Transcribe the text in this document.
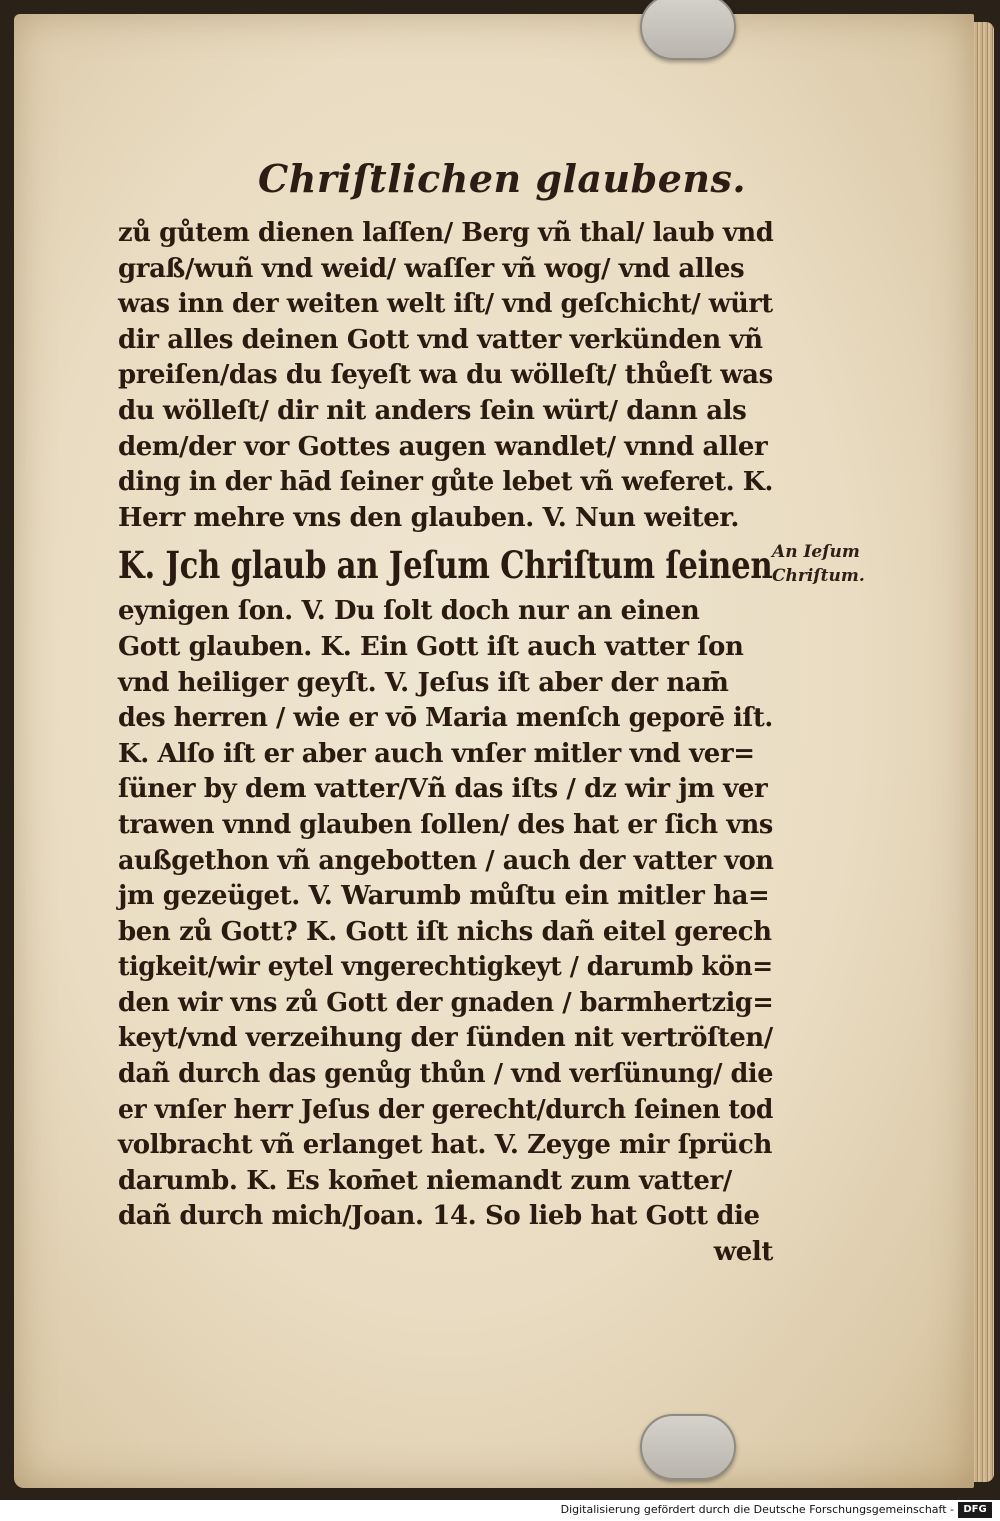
Chriſtlichen glaubens.
zů gůtem dienen laſſen/ Berg vñ thal/ laub vnd
graß/wuñ vnd weid/ waſſer vñ wog/ vnd alles
was inn der weiten welt iſt/ vnd geſchicht/ würt
dir alles deinen Gott vnd vatter verkünden vñ
preiſen/das du ſeyeſt wa du wölleſt/ thůeſt was
du wölleſt/ dir nit anders ſein würt/ dann als
dem/der vor Gottes augen wandlet/ vnnd aller
ding in der hād ſeiner gůte lebet vñ weferet. K.
Herr mehre vns den glauben. V. Nun weiter.
K. Jch glaub an Jeſum Chriſtum ſeinen
eynigen ſon. V. Du ſolt doch nur an einen
Gott glauben. K. Ein Gott iſt auch vatter ſon
vnd heiliger geyſt. V. Jeſus iſt aber der nam̄
des herren / wie er vō Maria menſch geporē iſt.
K. Alſo iſt er aber auch vnſer mitler vnd ver=
ſüner by dem vatter/Vñ das iſts / dz wir jm ver
trawen vnnd glauben ſollen/ des hat er ſich vns
außgethon vñ angebotten / auch der vatter von
jm gezeüget. V. Warumb můſtu ein mitler ha=
ben zů Gott? K. Gott iſt nichs dañ eitel gerech
tigkeit/wir eytel vngerechtigkeyt / darumb kön=
den wir vns zů Gott der gnaden / barmhertzig=
keyt/vnd verzeihung der ſünden nit vertröſten/
dañ durch das genůg thůn / vnd verſünung/ die
er vnſer herr Jeſus der gerecht/durch ſeinen tod
volbracht vñ erlanget hat. V. Zeyge mir ſprüch
darumb. K. Es kom̄et niemandt zum vatter/
dañ durch mich/Joan. 14. So lieb hat Gott die
welt
An Ieſum
Chriſtum.
Digitalisierung gefördert durch die Deutsche Forschungsgemeinschaft - DFG
